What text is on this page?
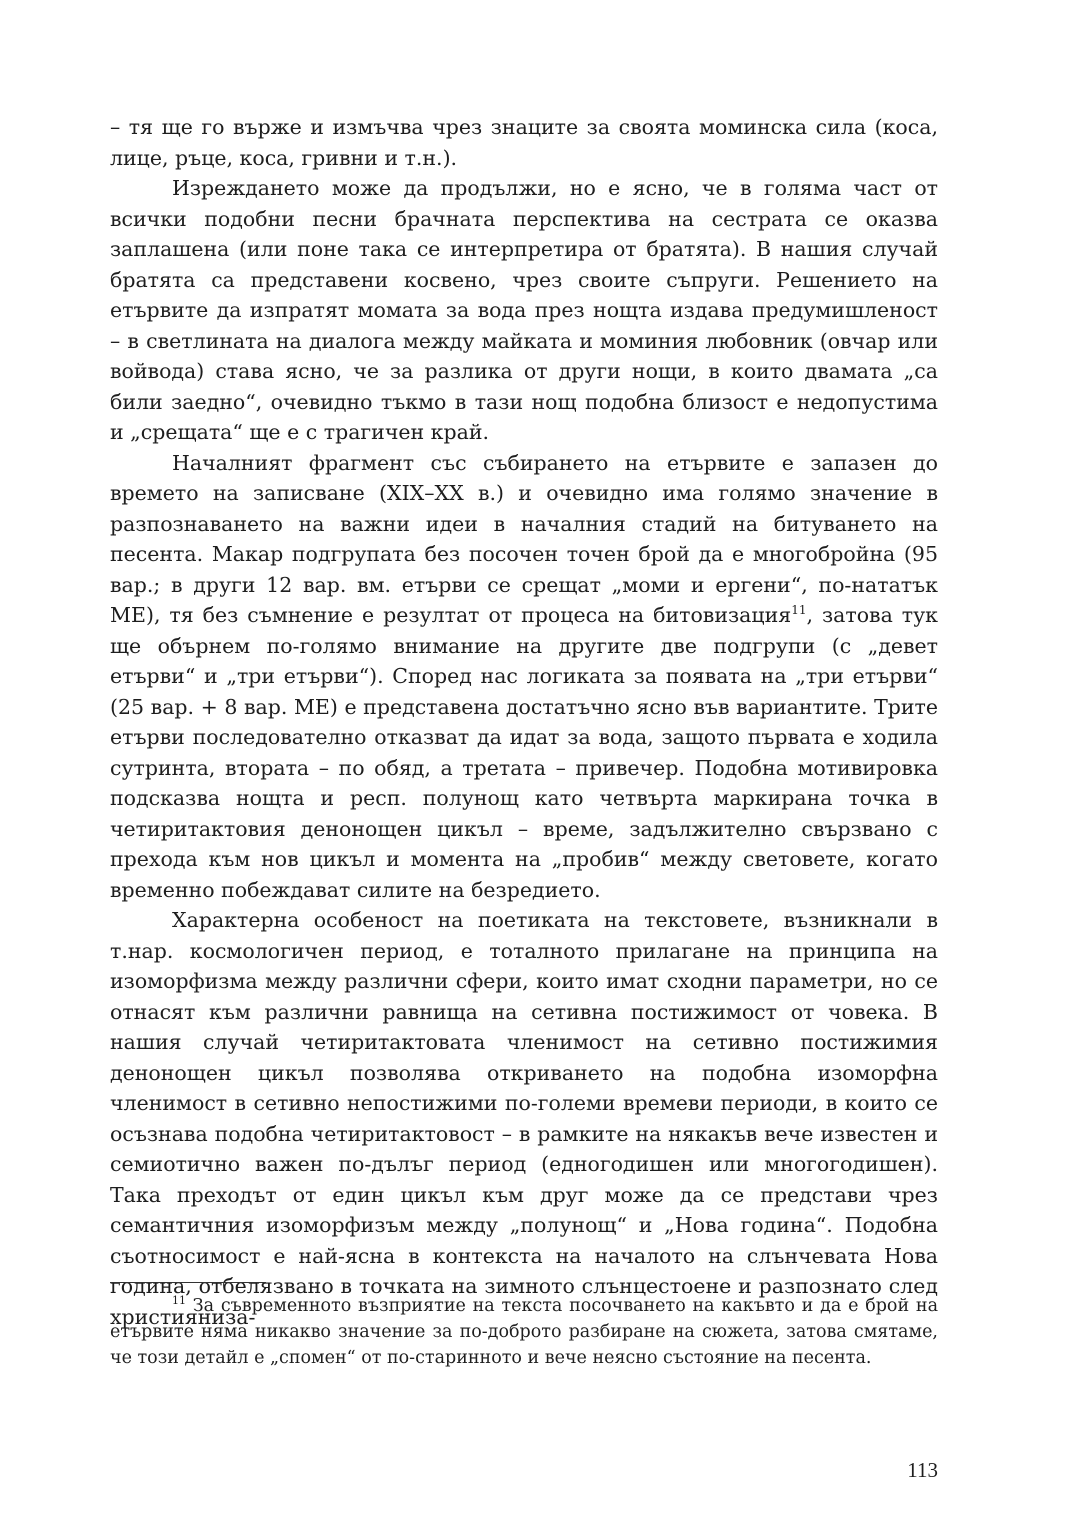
– тя ще го върже и измъчва чрез знаците за своята моминска сила (коса, лице, ръце, коса, гривни и т.н.).

Изреждането може да продължи, но е ясно, че в голяма част от всички подобни песни брачната перспектива на сестрата се оказва заплашена (или поне така се интерпретира от братята). В нашия случай братята са представени косвено, чрез своите съпруги. Решението на етървите да изпратят момата за вода през нощта издава предумишленост – в светлината на диалога между майката и моминия любовник (овчар или войвода) става ясно, че за разлика от други нощи, в които двамата „са били заедно“, очевидно тъкмо в тази нощ подобна близост е недопустима и „срещата“ ще е с трагичен край.

Началният фрагмент със събирането на етървите е запазен до времето на записване (XIX–XX в.) и очевидно има голямо значение в разпознаването на важни идеи в началния стадий на битуването на песента. Макар подгрупата без посочен точен брой да е многобройна (95 вар.; в други 12 вар. вм. етърви се срещат „моми и ергени“, по-нататък МЕ), тя без съмнение е резултат от процеса на битовизация$^{11}$, затова тук ще обърнем по-голямо внимание на другите две подгрупи (с „девет етърви“ и „три етърви“). Според нас логиката за появата на „три етърви“ (25 вар. + 8 вар. МЕ) е представена достатъчно ясно във вариантите. Трите етърви последователно отказват да идат за вода, защото първата е ходила сутринта, втората – по обяд, а третата – привечер. Подобна мотивировка подсказва нощта и респ. полунощ като четвърта маркирана точка в четиритактовия денонощен цикъл – време, задължително свързвано с прехода към нов цикъл и момента на „пробив“ между световете, когато временно побеждават силите на безредието.

Характерна особеност на поетиката на текстовете, възникнали в т.нар. космологичен период, е тоталното прилагане на принципа на изоморфизма между различни сфери, които имат сходни параметри, но се отнасят към различни равнища на сетивна постижимост от човека. В нашия случай четиритактовата членимост на сетивно постижимия денонощен цикъл позволява откриването на подобна изоморфна членимост в сетивно непостижими по-големи времеви периоди, в които се осъзнава подобна четиритактовост – в рамките на някакъв вече известен и семиотично важен по-дълъг период (едногодишен или многогодишен). Така преходът от един цикъл към друг може да се представи чрез семантичния изоморфизъм между „полунощ“ и „Нова година“. Подобна съотносимост е най-ясна в контекста на началото на слънчевата Нова година, отбелязвано в точката на зимното слънцестоене и разпознато след християниза-

$^{11}$ За съвременното възприятие на текста посочването на какъвто и да е брой на етървите няма никакво значение за по-доброто разбиране на сюжета, затова смятаме, че този детайл е „спомен“ от по-старинното и вече неясно състояние на песента.

113
